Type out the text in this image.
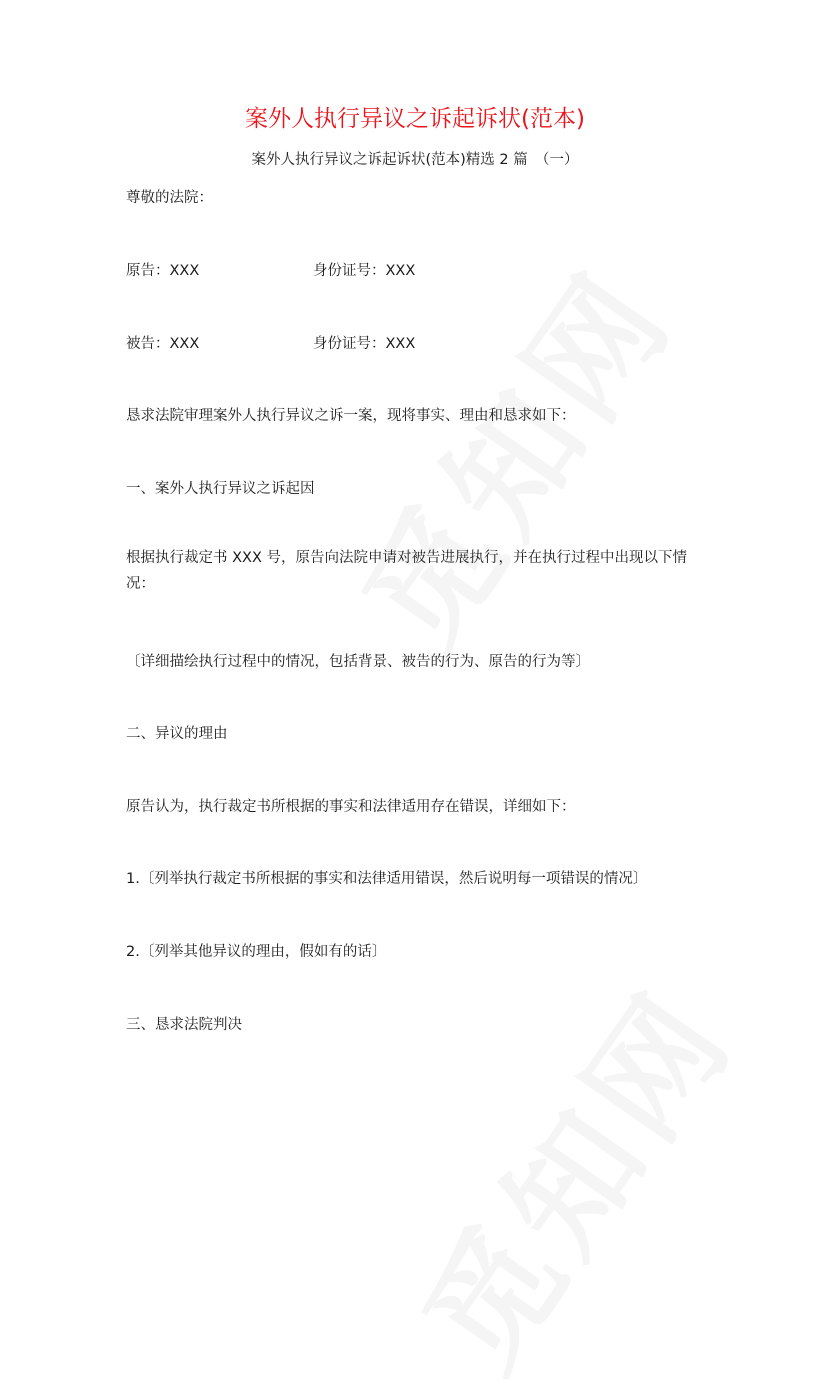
案外人执行异议之诉起诉状(范本)
案外人执行异议之诉起诉状(范本)精选 2 篇　（一）
尊敬的法院：
原告：XXX	身份证号：XXX
被告：XXX	身份证号：XXX
恳求法院审理案外人执行异议之诉一案，现将事实、理由和恳求如下：
一、案外人执行异议之诉起因
根据执行裁定书 XXX 号，原告向法院申请对被告进展执行，并在执行过程中出现以下情况：
〔详细描绘执行过程中的情况，包括背景、被告的行为、原告的行为等〕
二、异议的理由
原告认为，执行裁定书所根据的事实和法律适用存在错误，详细如下：
1.〔列举执行裁定书所根据的事实和法律适用错误，然后说明每一项错误的情况〕
2.〔列举其他异议的理由，假如有的话〕
三、恳求法院判决
